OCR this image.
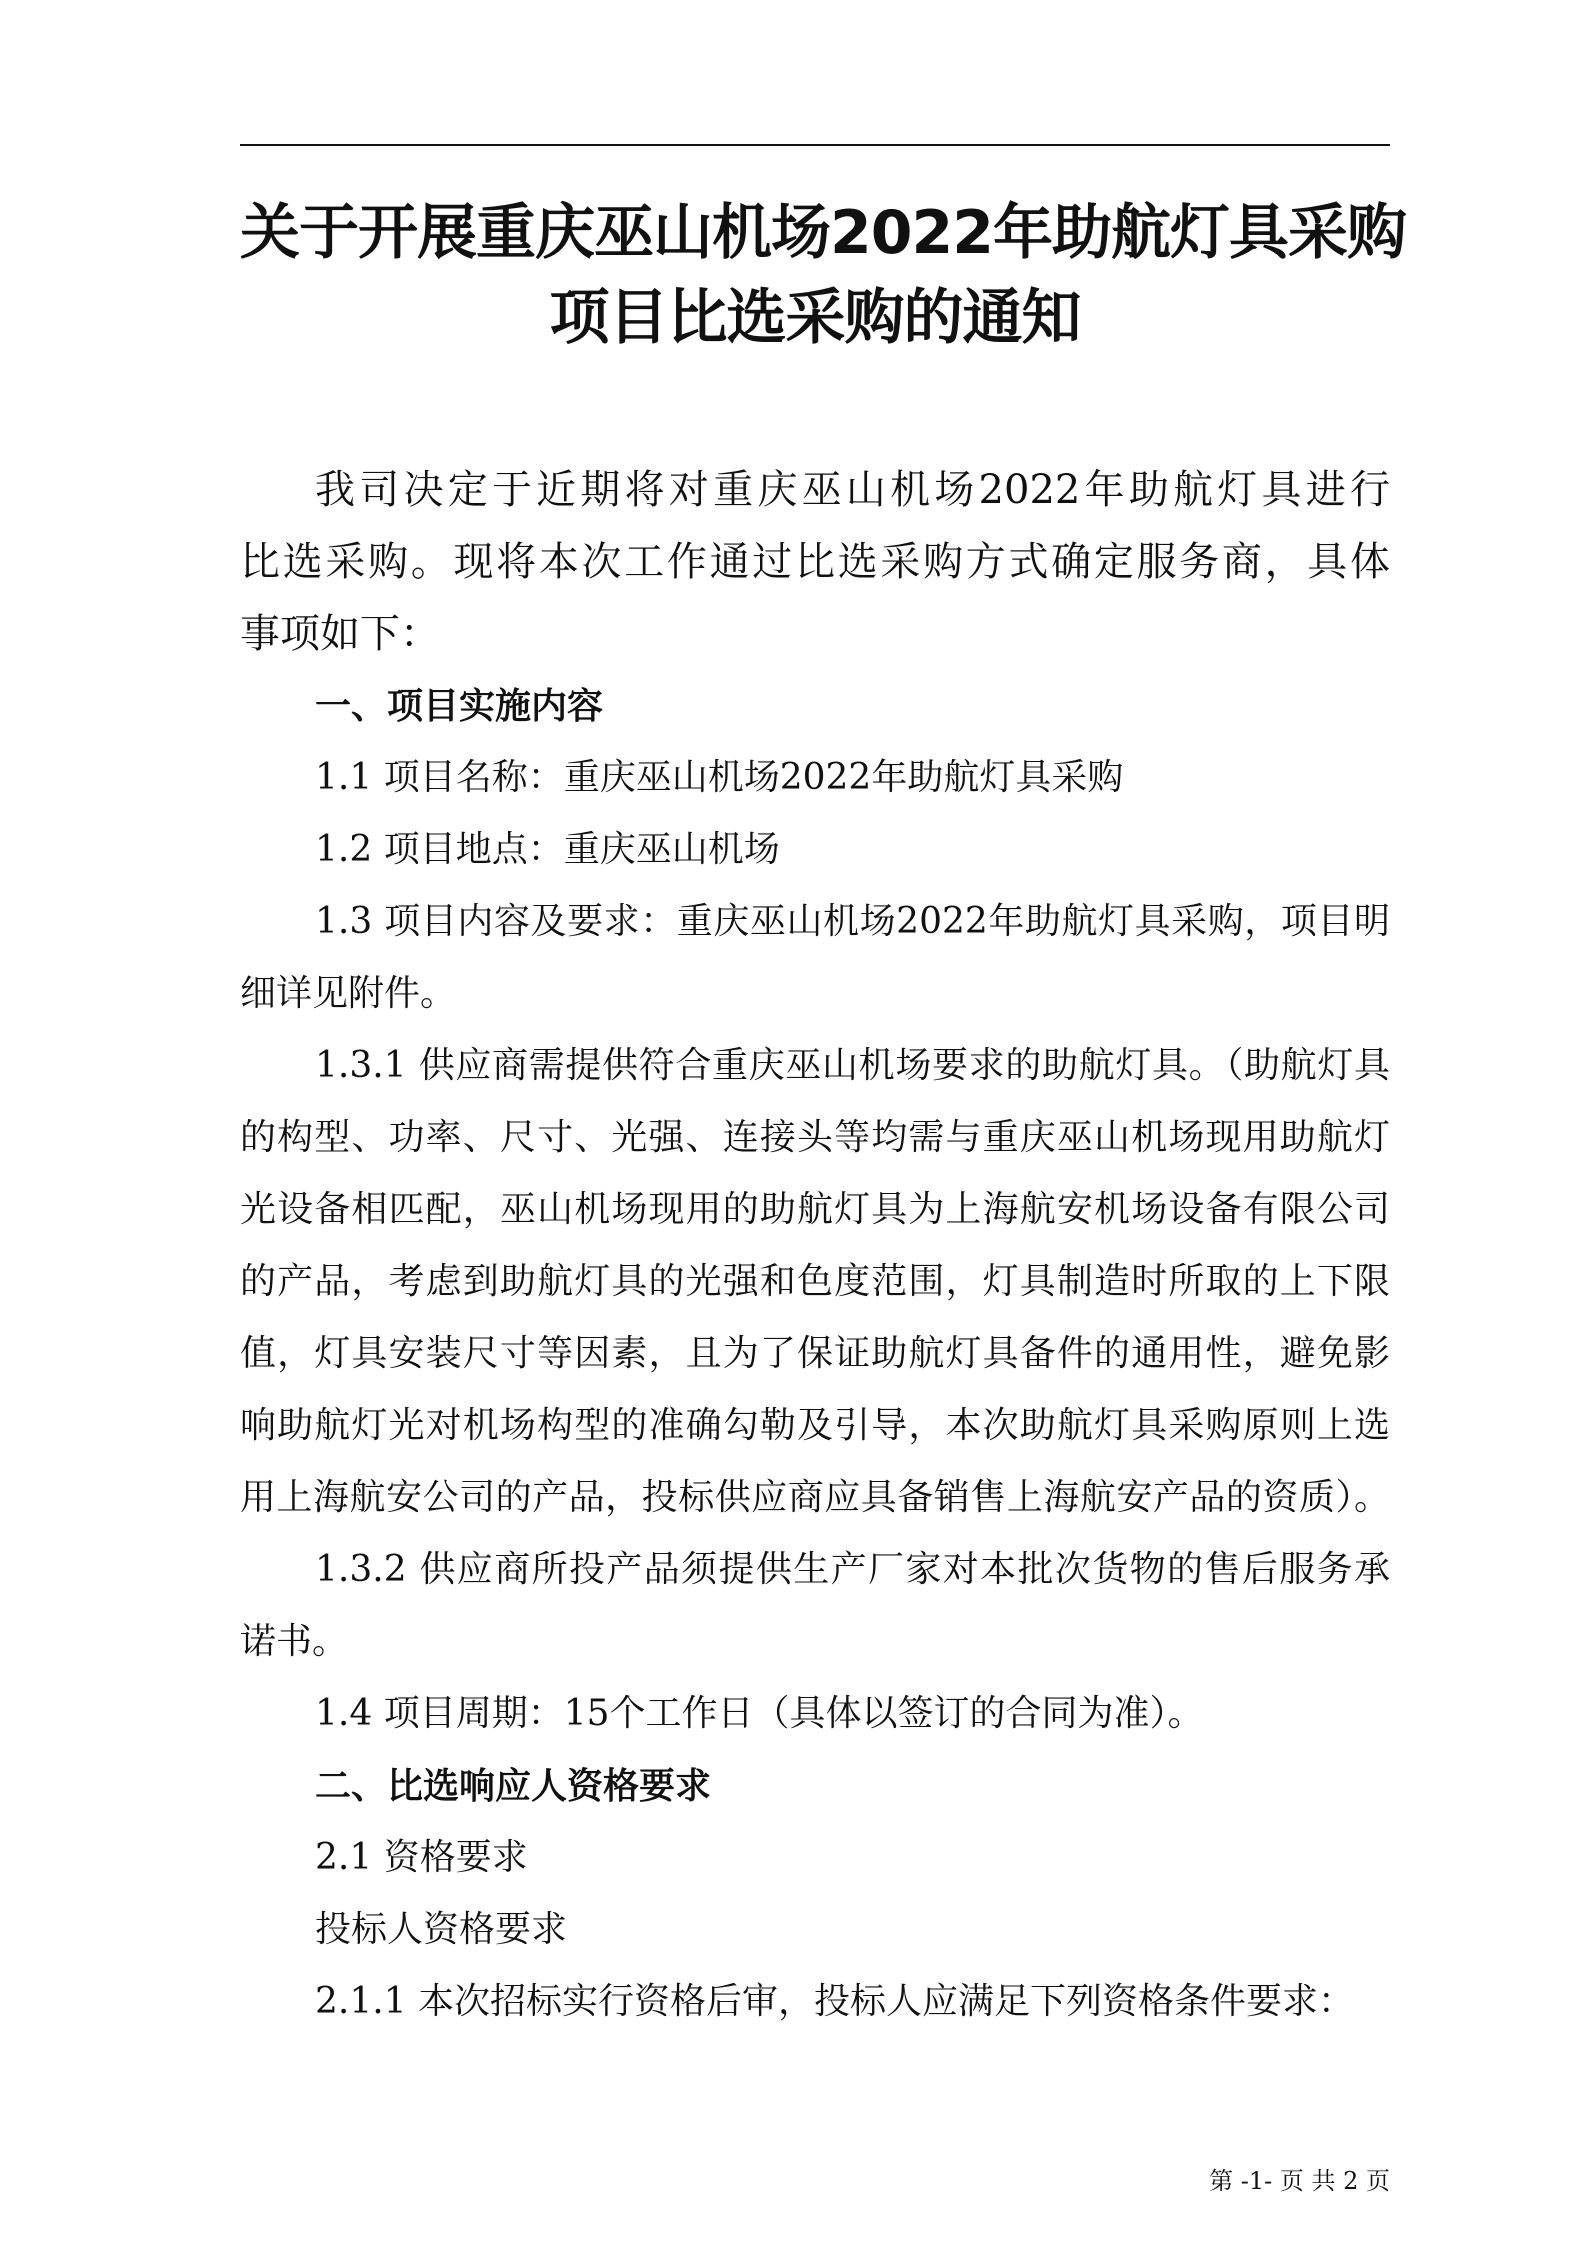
关于开展重庆巫山机场2022年助航灯具采购
项目比选采购的通知
我司决定于近期将对重庆巫山机场2022年助航灯具进行
比选采购。现将本次工作通过比选采购方式确定服务商，具体
事项如下：
一、项目实施内容
1.1 项目名称：重庆巫山机场2022年助航灯具采购
1.2 项目地点：重庆巫山机场
1.3 项目内容及要求：重庆巫山机场2022年助航灯具采购，项目明
细详见附件。
1.3.1 供应商需提供符合重庆巫山机场要求的助航灯具。（助航灯具
的构型、功率、尺寸、光强、连接头等均需与重庆巫山机场现用助航灯
光设备相匹配，巫山机场现用的助航灯具为上海航安机场设备有限公司
的产品，考虑到助航灯具的光强和色度范围，灯具制造时所取的上下限
值，灯具安装尺寸等因素，且为了保证助航灯具备件的通用性，避免影
响助航灯光对机场构型的准确勾勒及引导，本次助航灯具采购原则上选
用上海航安公司的产品，投标供应商应具备销售上海航安产品的资质）。
1.3.2 供应商所投产品须提供生产厂家对本批次货物的售后服务承
诺书。
1.4 项目周期：15个工作日（具体以签订的合同为准）。
二、比选响应人资格要求
2.1 资格要求
投标人资格要求
2.1.1 本次招标实行资格后审，投标人应满足下列资格条件要求：
第 -1- 页 共 2 页
